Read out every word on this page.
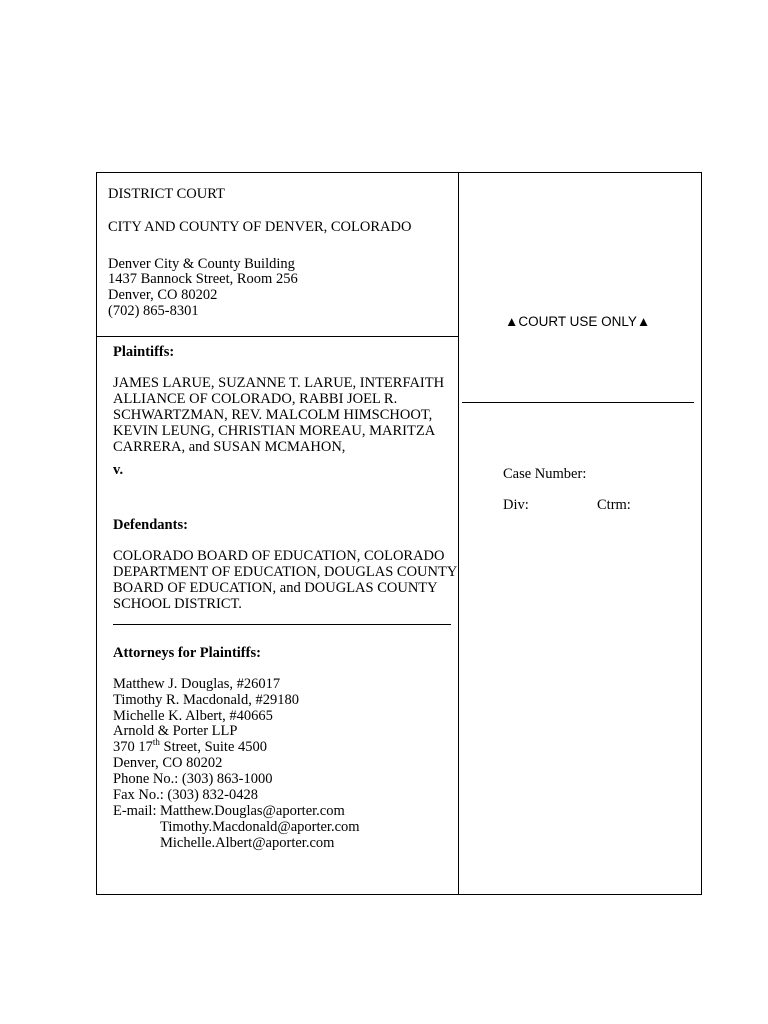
DISTRICT COURT
CITY AND COUNTY OF DENVER, COLORADO
Denver City & County Building
1437 Bannock Street, Room 256
Denver, CO 80202
(702) 865-8301
Plaintiffs:
JAMES LARUE, SUZANNE T. LARUE, INTERFAITH
ALLIANCE OF COLORADO, RABBI JOEL R.
SCHWARTZMAN, REV. MALCOLM HIMSCHOOT,
KEVIN LEUNG, CHRISTIAN MOREAU, MARITZA
CARRERA, and SUSAN MCMAHON,
v.
Defendants:
COLORADO BOARD OF EDUCATION, COLORADO
DEPARTMENT OF EDUCATION, DOUGLAS COUNTY
BOARD OF EDUCATION, and DOUGLAS COUNTY
SCHOOL DISTRICT.
Attorneys for Plaintiffs:
Matthew J. Douglas, #26017
Timothy R. Macdonald, #29180
Michelle K. Albert, #40665
Arnold & Porter LLP
370 17th Street, Suite 4500
Denver, CO 80202
Phone No.: (303) 863-1000
Fax No.: (303) 832-0428
E-mail: Matthew.Douglas@aporter.com
Timothy.Macdonald@aporter.com
Michelle.Albert@aporter.com
▲COURT USE ONLY▲
Case Number:
Div:	Ctrm:
